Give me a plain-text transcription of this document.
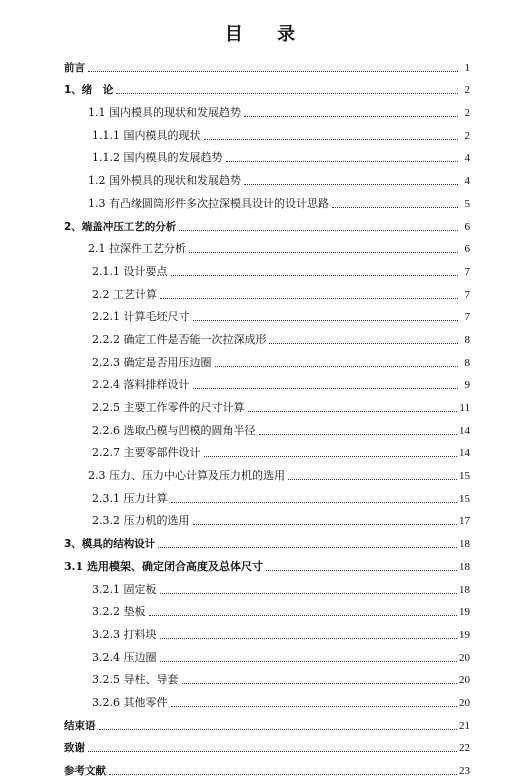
目 录
前言	1
1、绪　论	2
1.1 国内模具的现状和发展趋势	2
1.1.1 国内模具的现状	2
1.1.2 国内模具的发展趋势	4
1.2 国外模具的现状和发展趋势	4
1.3 有凸缘圆筒形件多次拉深模具设计的设计思路	5
2、端盖冲压工艺的分析	6
2.1 拉深件工艺分析	6
2.1.1 设计要点	7
2.2 工艺计算	7
2.2.1 计算毛坯尺寸	7
2.2.2 确定工件是否能一次拉深成形	8
2.2.3 确定是否用压边圈	8
2.2.4 落料排样设计	9
2.2.5 主要工作零件的尺寸计算	11
2.2.6 选取凸模与凹模的圆角半径	14
2.2.7 主要零部件设计	14
2.3 压力、压力中心计算及压力机的选用	15
2.3.1 压力计算	15
2.3.2 压力机的选用	17
3、模具的结构设计	18
3.1 选用模架、确定闭合高度及总体尺寸	18
3.2.1 固定板	18
3.2.2 垫板	19
3.2.3 打料块	19
3.2.4 压边圈	20
3.2.5 导柱、导套	20
3.2.6 其他零件	20
结束语	21
致谢	22
参考文献	23
